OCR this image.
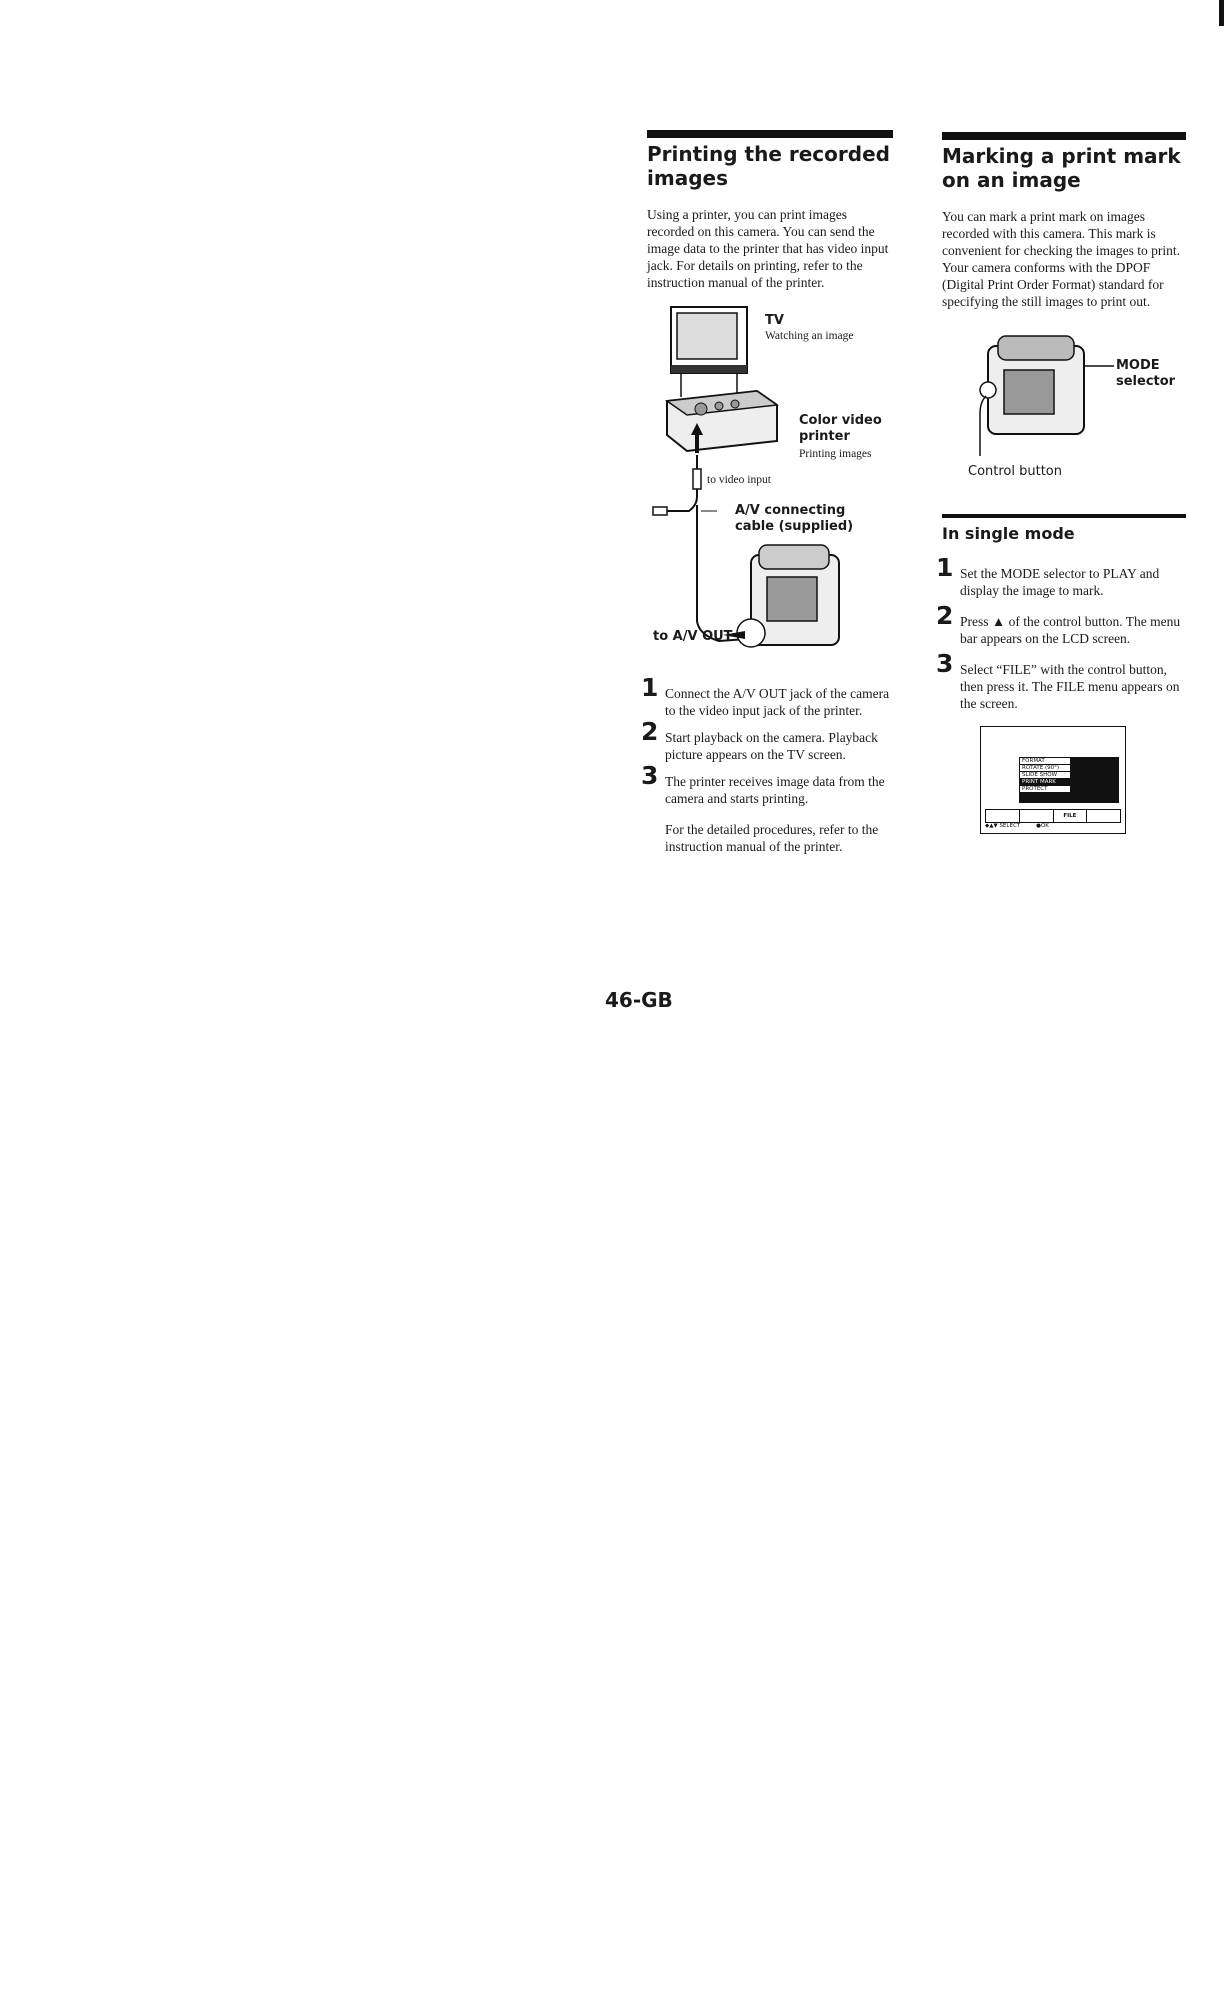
Printing the recorded images

Using a printer, you can print images recorded on this camera. You can send the image data to the printer that has video input jack. For details on printing, refer to the instruction manual of the printer.

TV
Watching an image
Color video printer
Printing images
to video input
A/V connecting cable (supplied)
to A/V OUT
1 Connect the A/V OUT jack of the camera to the video input jack of the printer.
2 Start playback on the camera. Playback picture appears on the TV screen.
3 The printer receives image data from the camera and starts printing.

For the detailed procedures, refer to the instruction manual of the printer.

Marking a print mark on an image

You can mark a print mark on images recorded with this camera. This mark is convenient for checking the images to print. Your camera conforms with the DPOF (Digital Print Order Format) standard for specifying the still images to print out.

MODE selector
Control button
In single mode
1 Set the MODE selector to PLAY and display the image to mark.
2 Press ▲ of the control button. The menu bar appears on the LCD screen.
3 Select “FILE” with the control button, then press it. The FILE menu appears on the screen.
FORMAT
ROTATE (90°)
SLIDE SHOW
PRINT MARK
PROTECT
FILE
◆▲▼ SELECT	●OK
46-GB
